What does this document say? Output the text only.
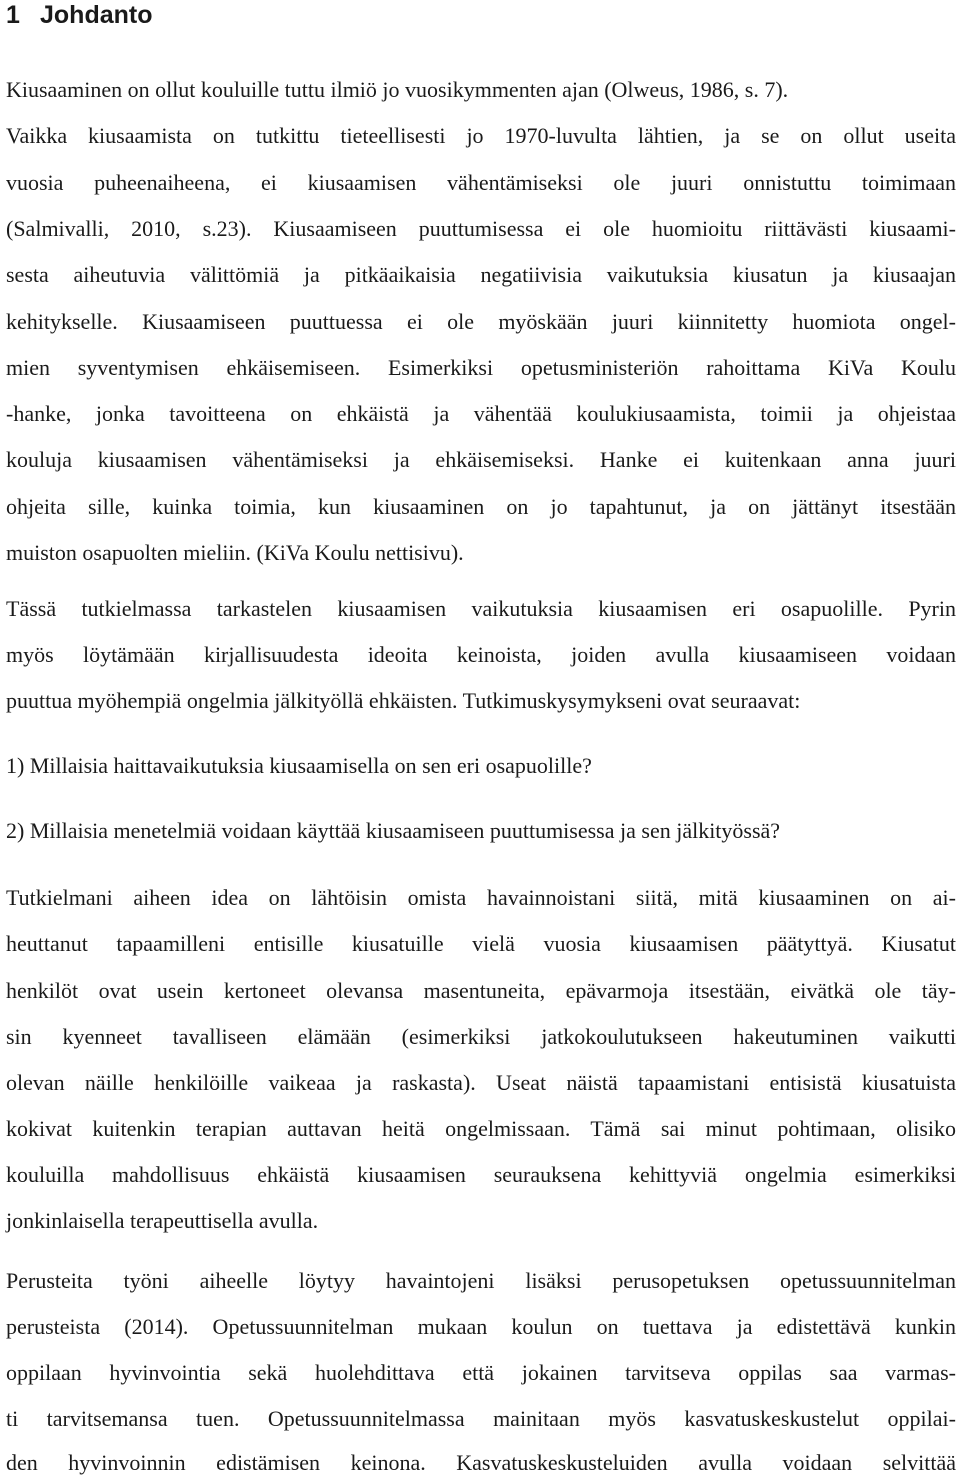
1 Johdanto
Kiusaaminen on ollut kouluille tuttu ilmiö jo vuosikymmenten ajan (Olweus, 1986, s. 7).
Vaikka kiusaamista on tutkittu tieteellisesti jo 1970-luvulta lähtien, ja se on ollut useita
vuosia puheenaiheena, ei kiusaamisen vähentämiseksi ole juuri onnistuttu toimimaan
(Salmivalli, 2010, s.23). Kiusaamiseen puuttumisessa ei ole huomioitu riittävästi kiusaami-
sesta aiheutuvia välittömiä ja pitkäaikaisia negatiivisia vaikutuksia kiusatun ja kiusaajan
kehitykselle. Kiusaamiseen puuttuessa ei ole myöskään juuri kiinnitetty huomiota ongel-
mien syventymisen ehkäisemiseen. Esimerkiksi opetusministeriön rahoittama KiVa Koulu
-hanke, jonka tavoitteena on ehkäistä ja vähentää koulukiusaamista, toimii ja ohjeistaa
kouluja kiusaamisen vähentämiseksi ja ehkäisemiseksi. Hanke ei kuitenkaan anna juuri
ohjeita sille, kuinka toimia, kun kiusaaminen on jo tapahtunut, ja on jättänyt itsestään
muiston osapuolten mieliin. (KiVa Koulu nettisivu).
Tässä tutkielmassa tarkastelen kiusaamisen vaikutuksia kiusaamisen eri osapuolille. Pyrin
myös löytämään kirjallisuudesta ideoita keinoista, joiden avulla kiusaamiseen voidaan
puuttua myöhempiä ongelmia jälkityöllä ehkäisten. Tutkimuskysymykseni ovat seuraavat:
1) Millaisia haittavaikutuksia kiusaamisella on sen eri osapuolille?
2) Millaisia menetelmiä voidaan käyttää kiusaamiseen puuttumisessa ja sen jälkityössä?
Tutkielmani aiheen idea on lähtöisin omista havainnoistani siitä, mitä kiusaaminen on ai-
heuttanut tapaamilleni entisille kiusatuille vielä vuosia kiusaamisen päätyttyä. Kiusatut
henkilöt ovat usein kertoneet olevansa masentuneita, epävarmoja itsestään, eivätkä ole täy-
sin kyenneet tavalliseen elämään (esimerkiksi jatkokoulutukseen hakeutuminen vaikutti
olevan näille henkilöille vaikeaa ja raskasta). Useat näistä tapaamistani entisistä kiusatuista
kokivat kuitenkin terapian auttavan heitä ongelmissaan. Tämä sai minut pohtimaan, olisiko
kouluilla mahdollisuus ehkäistä kiusaamisen seurauksena kehittyviä ongelmia esimerkiksi
jonkinlaisella terapeuttisella avulla.
Perusteita työni aiheelle löytyy havaintojeni lisäksi perusopetuksen opetussuunnitelman
perusteista (2014). Opetussuunnitelman mukaan koulun on tuettava ja edistettävä kunkin
oppilaan hyvinvointia sekä huolehdittava että jokainen tarvitseva oppilas saa varmas-
ti tarvitsemansa tuen. Opetussuunnitelmassa mainitaan myös kasvatuskeskustelut oppilai-
den hyvinvoinnin edistämisen keinona. Kasvatuskeskusteluiden avulla voidaan selvittää
